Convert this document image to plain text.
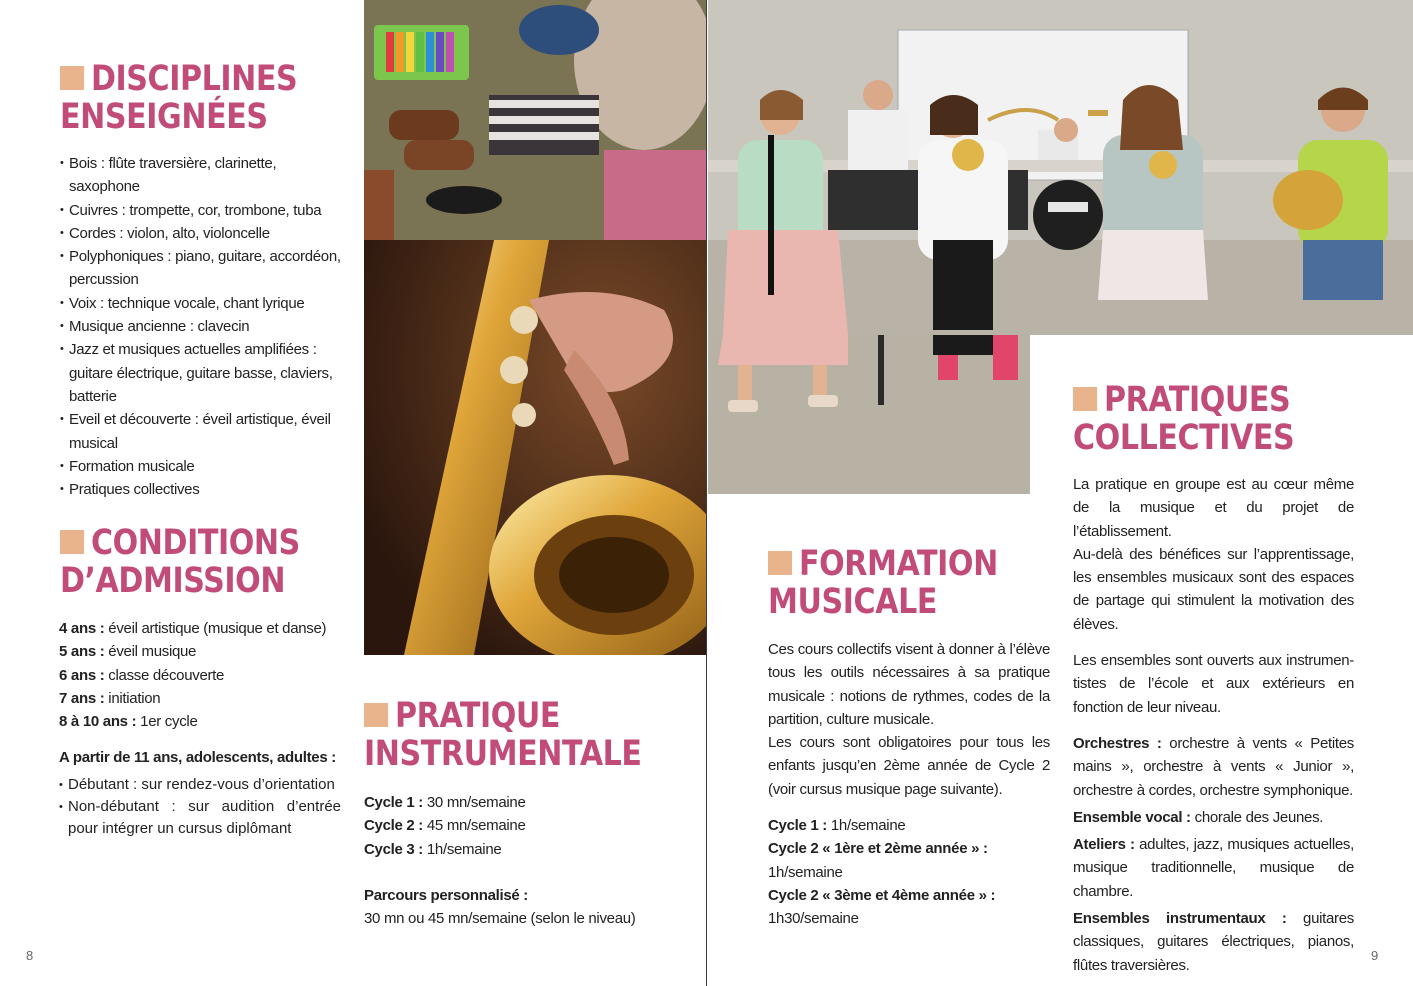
DISCIPLINES
ENSEIGNÉES
• Bois : flûte traversière, clarinette, saxophone
• Cuivres : trompette, cor, trombone, tuba
• Cordes : violon, alto, violoncelle
• Polyphoniques : piano, guitare, accordéon, percussion
• Voix : technique vocale, chant lyrique
• Musique ancienne : clavecin
• Jazz et musiques actuelles amplifiées : guitare électrique, guitare basse, claviers, batterie
• Eveil et découverte : éveil artistique, éveil musical
• Formation musicale
• Pratiques collectives
CONDITIONS
D’ADMISSION
4 ans : éveil artistique (musique et danse)
5 ans : éveil musique
6 ans : classe découverte
7 ans : initiation
8 à 10 ans : 1er cycle
A partir de 11 ans, adolescents, adultes :
• Débutant : sur rendez-vous d’orientation
• Non-débutant : sur audition d’entrée pour intégrer un cursus diplômant
PRATIQUE
INSTRUMENTALE
Cycle 1 : 30 mn/semaine
Cycle 2 : 45 mn/semaine
Cycle 3 : 1h/semaine
Parcours personnalisé :
30 mn ou 45 mn/semaine (selon le niveau)
8
PRATIQUES
COLLECTIVES

La pratique en groupe est au cœur même de la musique et du projet de l’établissement.

Au-delà des bénéfices sur l’apprentissage, les ensembles musicaux sont des espaces de partage qui stimulent la motivation des élèves.

Les ensembles sont ouverts aux instrumen-tistes de l’école et aux extérieurs en fonction de leur niveau.

Orchestres : orchestre à vents « Petites mains », orchestre à vents « Junior », orchestre à cordes, orchestre symphonique.

Ensemble vocal : chorale des Jeunes.

Ateliers : adultes, jazz, musiques actuelles, musique traditionnelle, musique de chambre.

Ensembles instrumentaux : guitares classiques, guitares électriques, pianos, flûtes traversières.

FORMATION
MUSICALE

Ces cours collectifs visent à donner à l’élève tous les outils nécessaires à sa pratique musicale : notions de rythmes, codes de la partition, culture musicale.

Les cours sont obligatoires pour tous les enfants jusqu’en 2ème année de Cycle 2 (voir cursus musique page suivante).

Cycle 1 : 1h/semaine
Cycle 2 « 1ère et 2ème année » :
1h/semaine
Cycle 2 « 3ème et 4ème année » :
1h30/semaine
9
